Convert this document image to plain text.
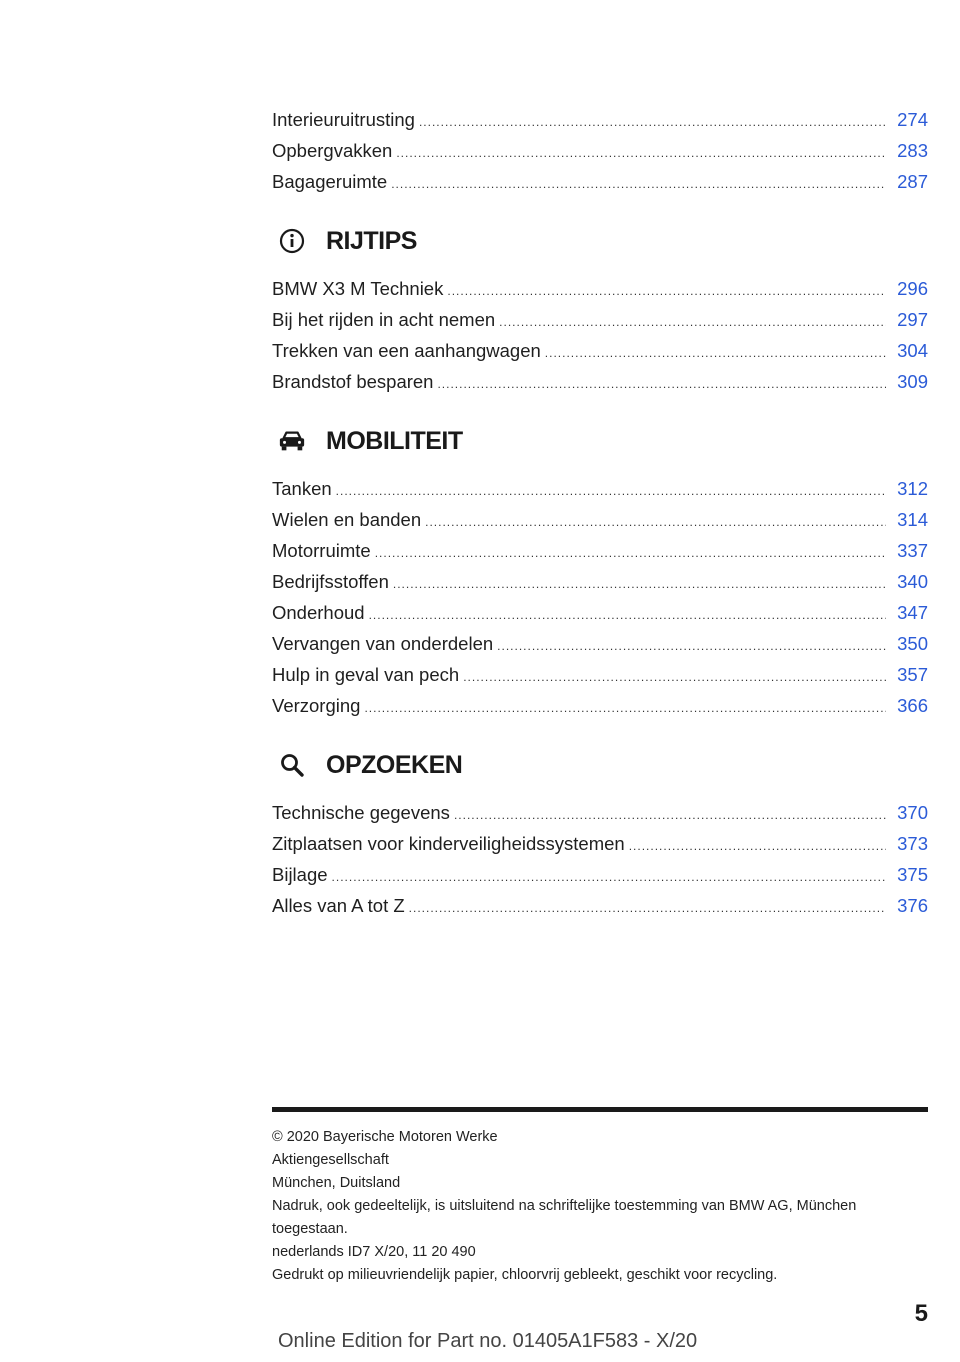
Interieuruitrusting .....	274
Opbergvakken .....	283
Bagageruimte .....	287
RIJTIPS
BMW X3 M Techniek .....	296
Bij het rijden in acht nemen .....	297
Trekken van een aanhangwagen .....	304
Brandstof besparen .....	309
MOBILITEIT
Tanken .....	312
Wielen en banden .....	314
Motorruimte .....	337
Bedrijfsstoffen .....	340
Onderhoud .....	347
Vervangen van onderdelen .....	350
Hulp in geval van pech .....	357
Verzorging .....	366
OPZOEKEN
Technische gegevens .....	370
Zitplaatsen voor kinderveiligheidssystemen .....	373
Bijlage .....	375
Alles van A tot Z .....	376
© 2020 Bayerische Motoren Werke
Aktiengesellschaft
München, Duitsland
Nadruk, ook gedeeltelijk, is uitsluitend na schriftelijke toestemming van BMW AG, München toegestaan.
nederlands ID7 X/20, 11 20 490
Gedrukt op milieuvriendelijk papier, chloorvrij gebleekt, geschikt voor recycling.
5
Online Edition for Part no. 01405A1F583 - X/20
